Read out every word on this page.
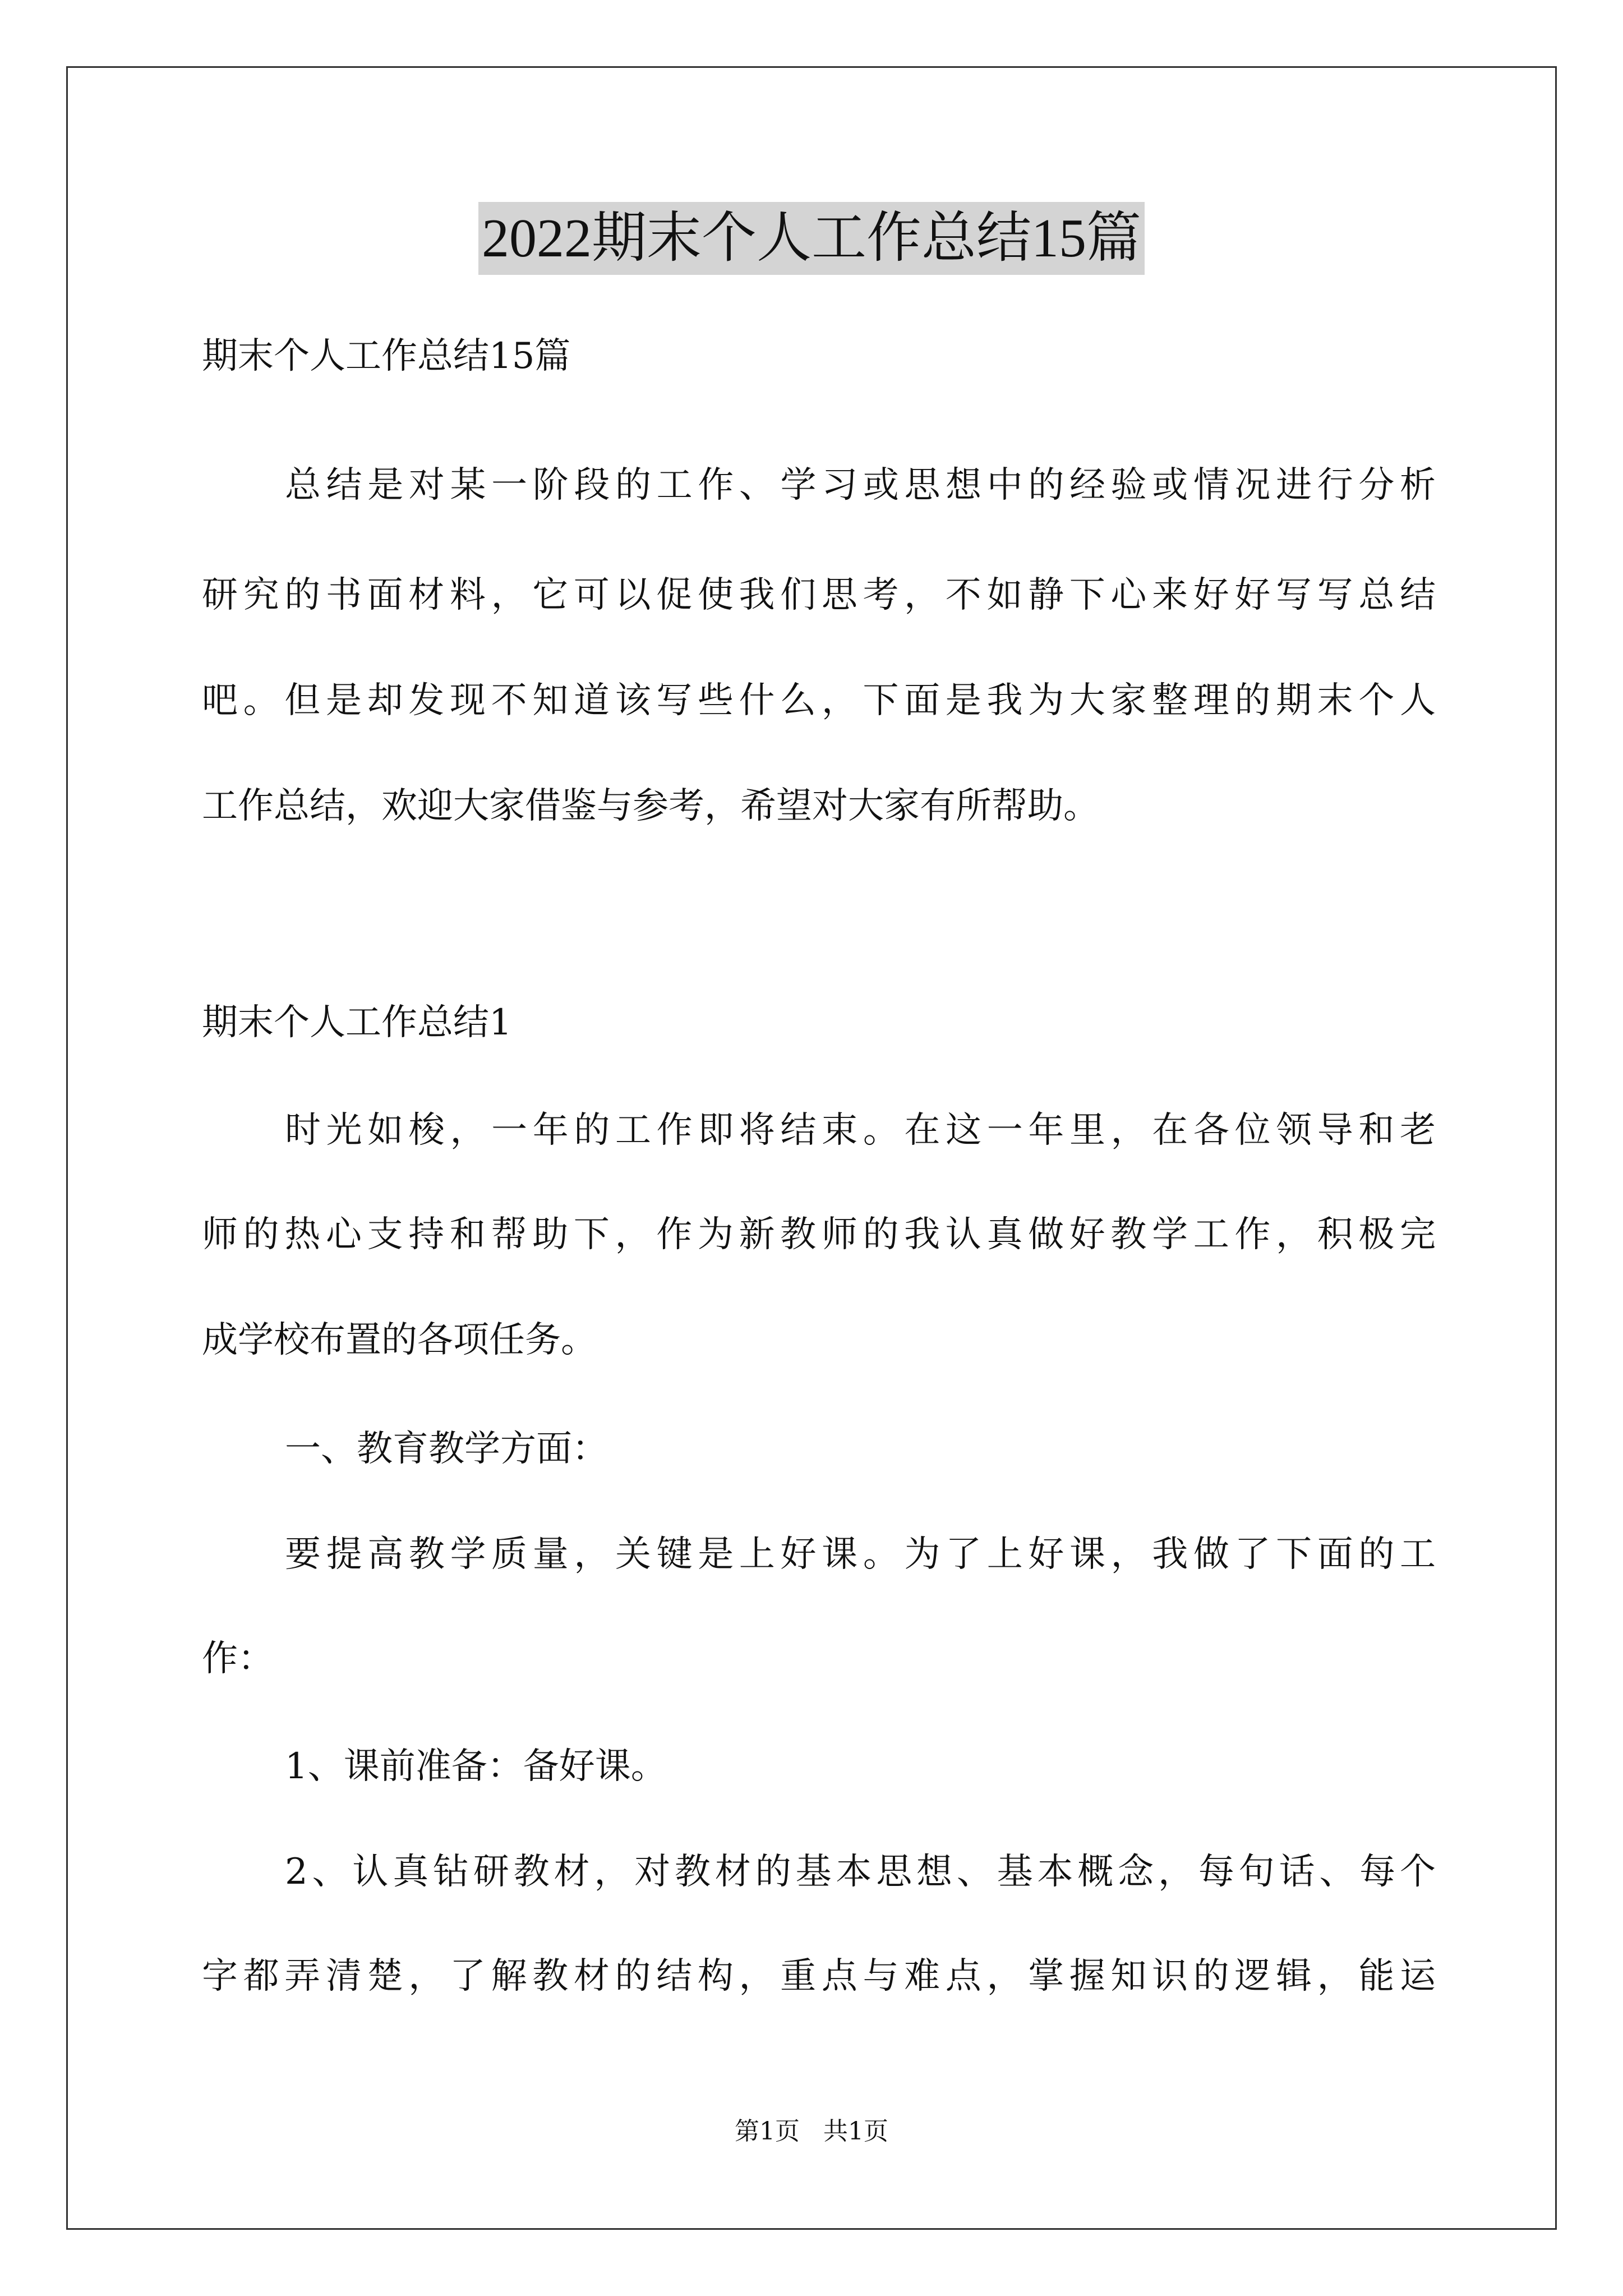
2022期末个人工作总结15篇
期末个人工作总结15篇
总结是对某一阶段的工作、学习或思想中的经验或情况进行分析
研究的书面材料，它可以促使我们思考，不如静下心来好好写写总结
吧。但是却发现不知道该写些什么，下面是我为大家整理的期末个人
工作总结，欢迎大家借鉴与参考，希望对大家有所帮助。
期末个人工作总结1
时光如梭，一年的工作即将结束。在这一年里，在各位领导和老
师的热心支持和帮助下，作为新教师的我认真做好教学工作，积极完
成学校布置的各项任务。
一、教育教学方面：
要提高教学质量，关键是上好课。为了上好课，我做了下面的工
作：
1、课前准备：备好课。
2、认真钻研教材，对教材的基本思想、基本概念，每句话、每个
字都弄清楚，了解教材的结构，重点与难点，掌握知识的逻辑，能运
第1页   共1页
